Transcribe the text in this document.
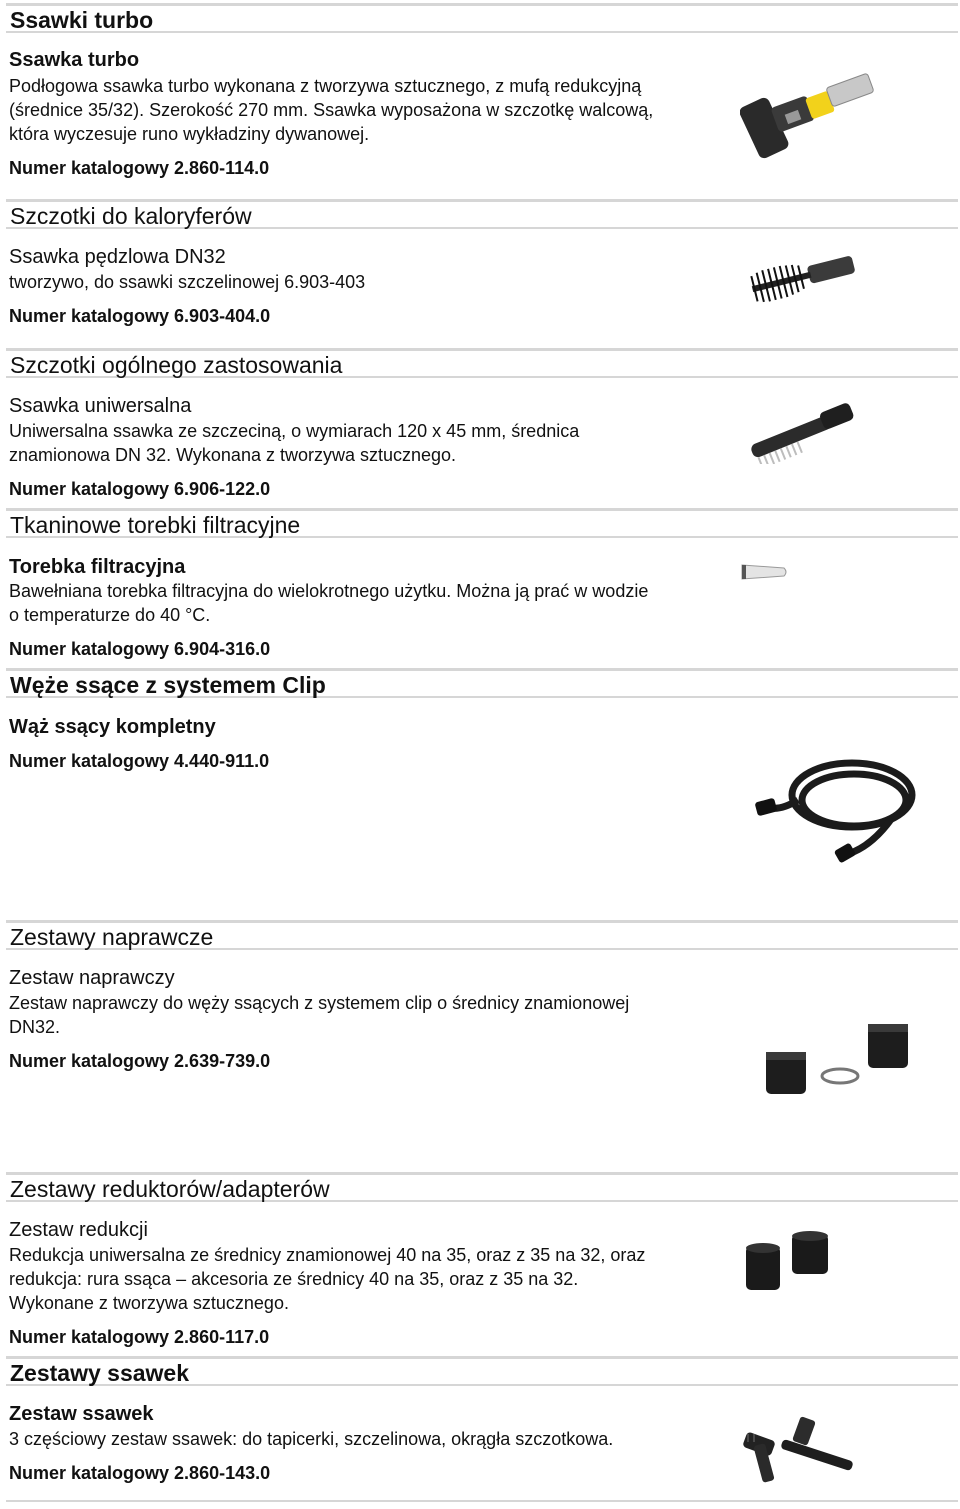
Ssawki turbo
Ssawka turbo
Podłogowa ssawka turbo wykonana z tworzywa sztucznego, z mufą redukcyjną
(średnice 35/32). Szerokość 270 mm. Ssawka wyposażona w szczotkę walcową,
która wyczesuje runo wykładziny dywanowej.
Numer katalogowy 2.860-114.0
Szczotki do kaloryferów
Ssawka pędzlowa DN32
tworzywo, do ssawki szczelinowej 6.903-403
Numer katalogowy 6.903-404.0
Szczotki ogólnego zastosowania
Ssawka uniwersalna
Uniwersalna ssawka ze szczeciną, o wymiarach 120 x 45 mm, średnica
znamionowa DN 32. Wykonana z tworzywa sztucznego.
Numer katalogowy 6.906-122.0
Tkaninowe torebki filtracyjne
Torebka filtracyjna
Bawełniana torebka filtracyjna do wielokrotnego użytku. Można ją prać w wodzie
o temperaturze do 40 °C.
Numer katalogowy 6.904-316.0
Węże ssące z systemem Clip
Wąż ssący kompletny
Numer katalogowy 4.440-911.0
Zestawy naprawcze
Zestaw naprawczy
Zestaw naprawczy do węży ssących z systemem clip o średnicy znamionowej
DN32.
Numer katalogowy 2.639-739.0
Zestawy reduktorów/adapterów
Zestaw redukcji
Redukcja uniwersalna ze średnicy znamionowej 40 na 35, oraz z 35 na 32, oraz
redukcja: rura ssąca – akcesoria ze średnicy 40 na 35, oraz z 35 na 32.
Wykonane z tworzywa sztucznego.
Numer katalogowy 2.860-117.0
Zestawy ssawek
Zestaw ssawek
3 częściowy zestaw ssawek: do tapicerki, szczelinowa, okrągła szczotkowa.
Numer katalogowy 2.860-143.0
